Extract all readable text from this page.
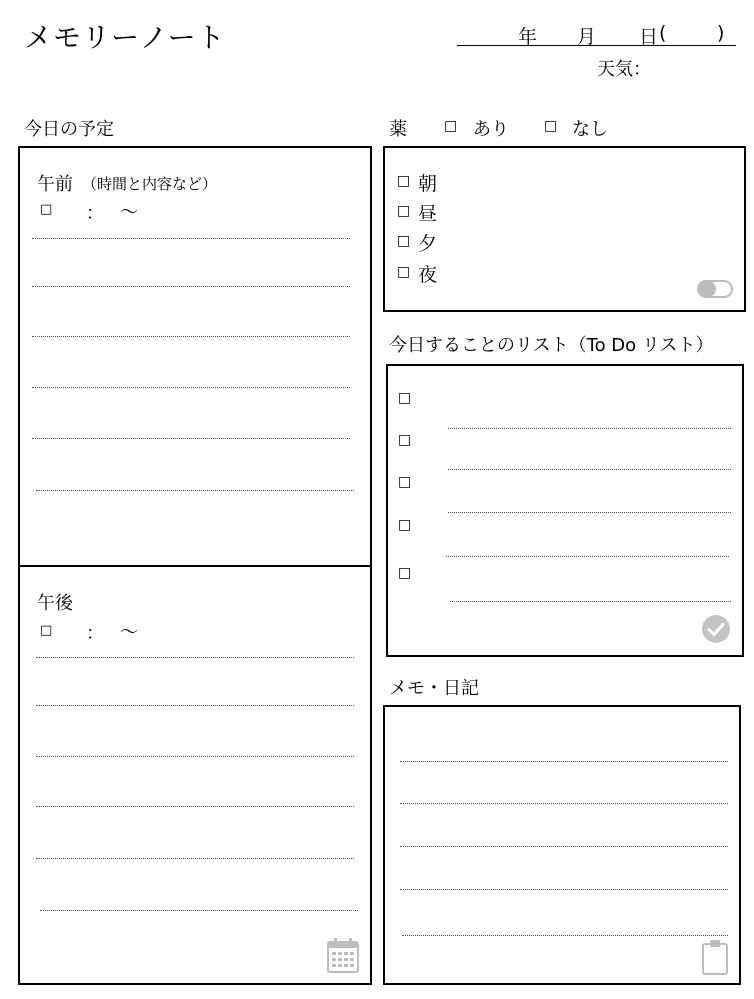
メモリーノート	年 月 日 (	)
天気：
今日の予定
午前 （時間と内容など）
□ ： 〜
午後
□ ： 〜
薬	□ あり	□ なし
□ 朝
□ 昼
□ 夕
□ 夜
今日することのリスト（To Do リスト）
□
□
□
□
□
メモ・日記
